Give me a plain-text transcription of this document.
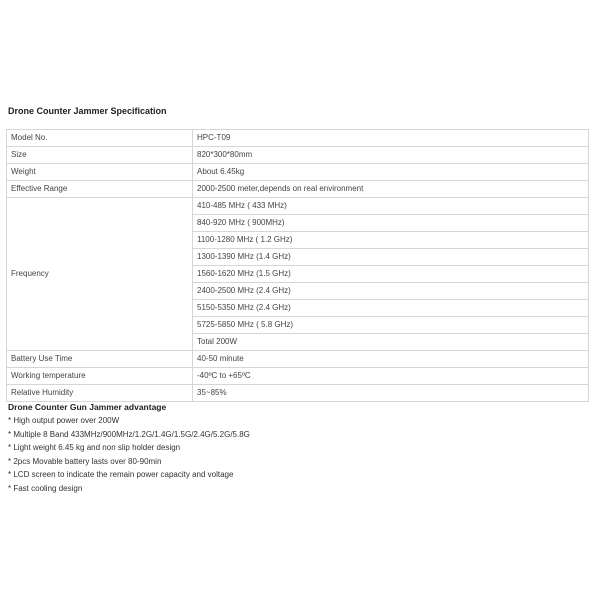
Drone Counter Jammer Specification
Model No.	HPC-T09
Size	820*300*80mm
Weight	About 6.45kg
Effective Range	2000-2500 meter,depends on real environment
Frequency	410-485 MHz ( 433 MHz)
	840-920 MHz ( 900MHz)
	1100-1280 MHz ( 1.2 GHz)
	1300-1390 MHz (1.4 GHz)
	1560-1620 MHz (1.5 GHz)
	2400-2500 MHz (2.4 GHz)
	5150-5350 MHz (2.4 GHz)
	5725-5850 MHz ( 5.8 GHz)
	Total 200W
Battery Use Time	40-50 minute
Working temperature	-40ºC to +65ºC
Relative Humidity	35~85%
Drone Counter Gun Jammer advantage
* High output power over 200W
* Multiple 8 Band 433MHz/900MHz/1.2G/1.4G/1.5G/2.4G/5.2G/5.8G
* Light weight 6.45 kg and non slip holder design
* 2pcs Movable battery lasts over 80-90min
* LCD screen to indicate the remain power capacity and voltage
* Fast cooling design
